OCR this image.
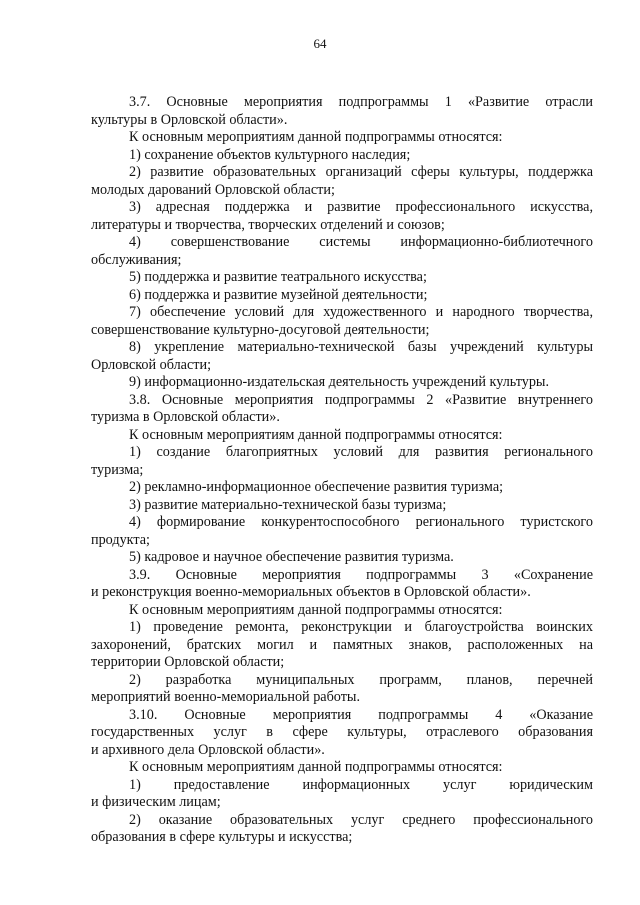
64
3.7. Основные мероприятия подпрограммы 1 «Развитие отрасли
культуры в Орловской области».
К основным мероприятиям данной подпрограммы относятся:
1) сохранение объектов культурного наследия;
2) развитие образовательных организаций сферы культуры, поддержка
молодых дарований Орловской области;
3) адресная поддержка и развитие профессионального искусства,
литературы и творчества, творческих отделений и союзов;
4) совершенствование системы информационно-библиотечного
обслуживания;
5) поддержка и развитие театрального искусства;
6) поддержка и развитие музейной деятельности;
7) обеспечение условий для художественного и народного творчества,
совершенствование культурно-досуговой деятельности;
8) укрепление материально-технической базы учреждений культуры
Орловской области;
9) информационно-издательская деятельность учреждений культуры.
3.8. Основные мероприятия подпрограммы 2 «Развитие внутреннего
туризма в Орловской области».
К основным мероприятиям данной подпрограммы относятся:
1) создание благоприятных условий для развития регионального
туризма;
2) рекламно-информационное обеспечение развития туризма;
3) развитие материально-технической базы туризма;
4) формирование конкурентоспособного регионального туристского
продукта;
5) кадровое и научное обеспечение развития туризма.
3.9. Основные мероприятия подпрограммы 3 «Сохранение
и реконструкция военно-мемориальных объектов в Орловской области».
К основным мероприятиям данной подпрограммы относятся:
1) проведение ремонта, реконструкции и благоустройства воинских
захоронений, братских могил и памятных знаков, расположенных на
территории Орловской области;
2) разработка муниципальных программ, планов, перечней
мероприятий военно-мемориальной работы.
3.10. Основные мероприятия подпрограммы 4 «Оказание
государственных услуг в сфере культуры, отраслевого образования
и архивного дела Орловской области».
К основным мероприятиям данной подпрограммы относятся:
1) предоставление информационных услуг юридическим
и физическим лицам;
2) оказание образовательных услуг среднего профессионального
образования в сфере культуры и искусства;
